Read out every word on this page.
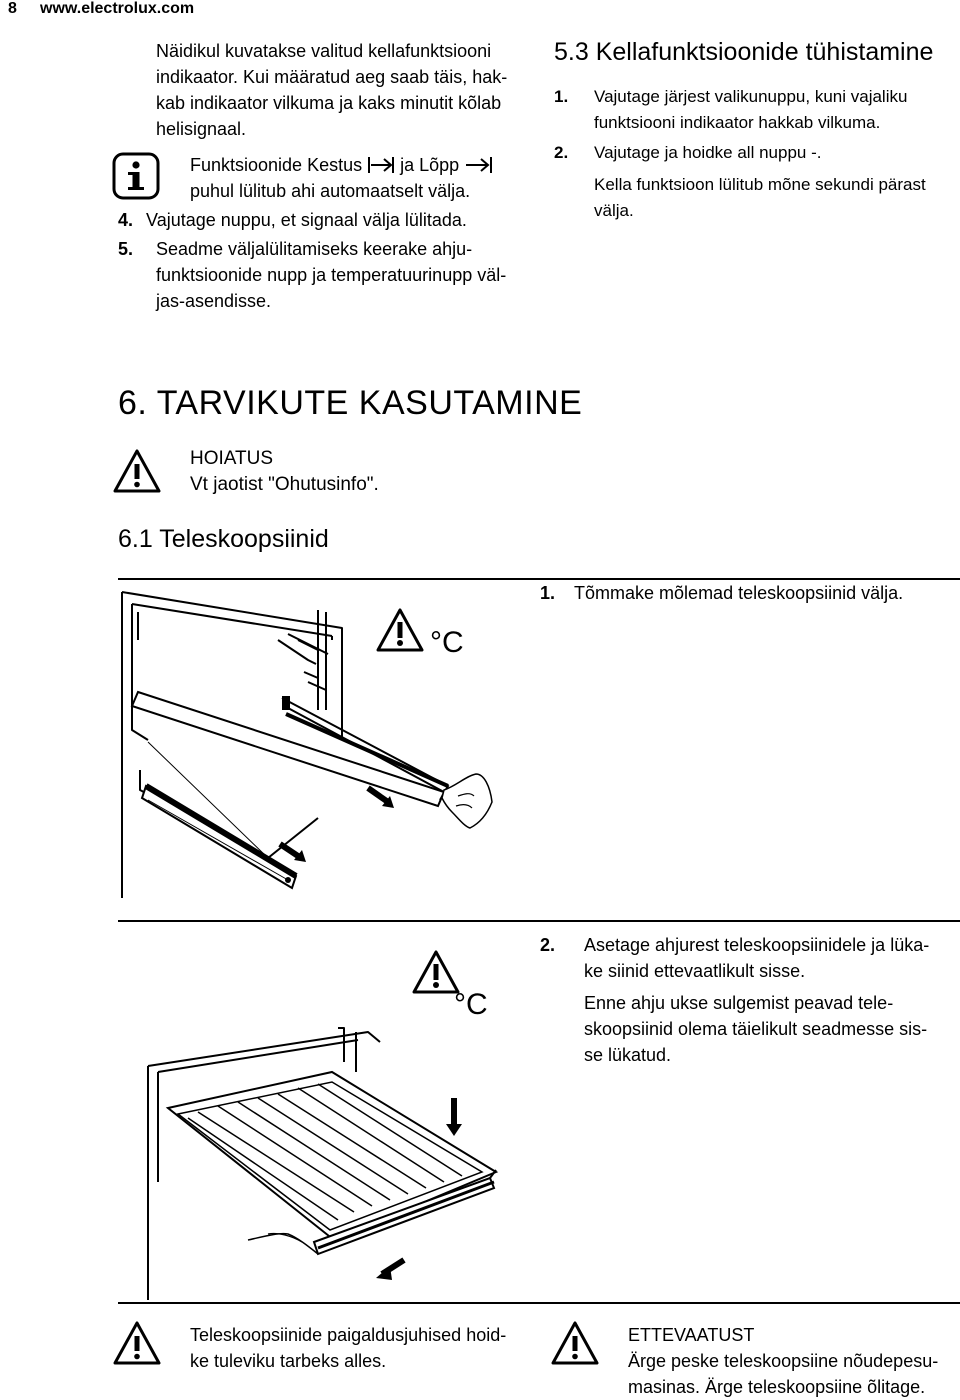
8 www.electrolux.com
Näidikul kuvatakse valitud kellafunktsiooni
indikaator. Kui määratud aeg saab täis, hak-
kab indikaator vilkuma ja kaks minutit kõlab
helisignaal.
Funktsioonide Kestus ja Lõpp
puhul lülitub ahi automaatselt välja.
4. Vajutage nuppu, et signaal välja lülitada.
5. Seadme väljalülitamiseks keerake ahju-
funktsioonide nupp ja temperatuurinupp väl-
jas-asendisse.
5.3 Kellafunktsioonide tühistamine
1. Vajutage järjest valikunuppu, kuni vajaliku
funktsiooni indikaator hakkab vilkuma.
2. Vajutage ja hoidke all nuppu -.
Kella funktsioon lülitub mõne sekundi pärast
välja.
6. TARVIKUTE KASUTAMINE
HOIATUS
Vt jaotist "Ohutusinfo".
6.1 Teleskoopsiinid
°C
1. Tõmmake mõlemad teleskoopsiinid välja.
°C
2. Asetage ahjurest teleskoopsiinidele ja lüka-
ke siinid ettevaatlikult sisse.
Enne ahju ukse sulgemist peavad tele-
skoopsiinid olema täielikult seadmesse sis-
se lükatud.
Teleskoopsiinide paigaldusjuhised hoid-
ke tuleviku tarbeks alles.
ETTEVAATUST
Ärge peske teleskoopsiine nõudepesu-
masinas. Ärge teleskoopsiine õlitage.
